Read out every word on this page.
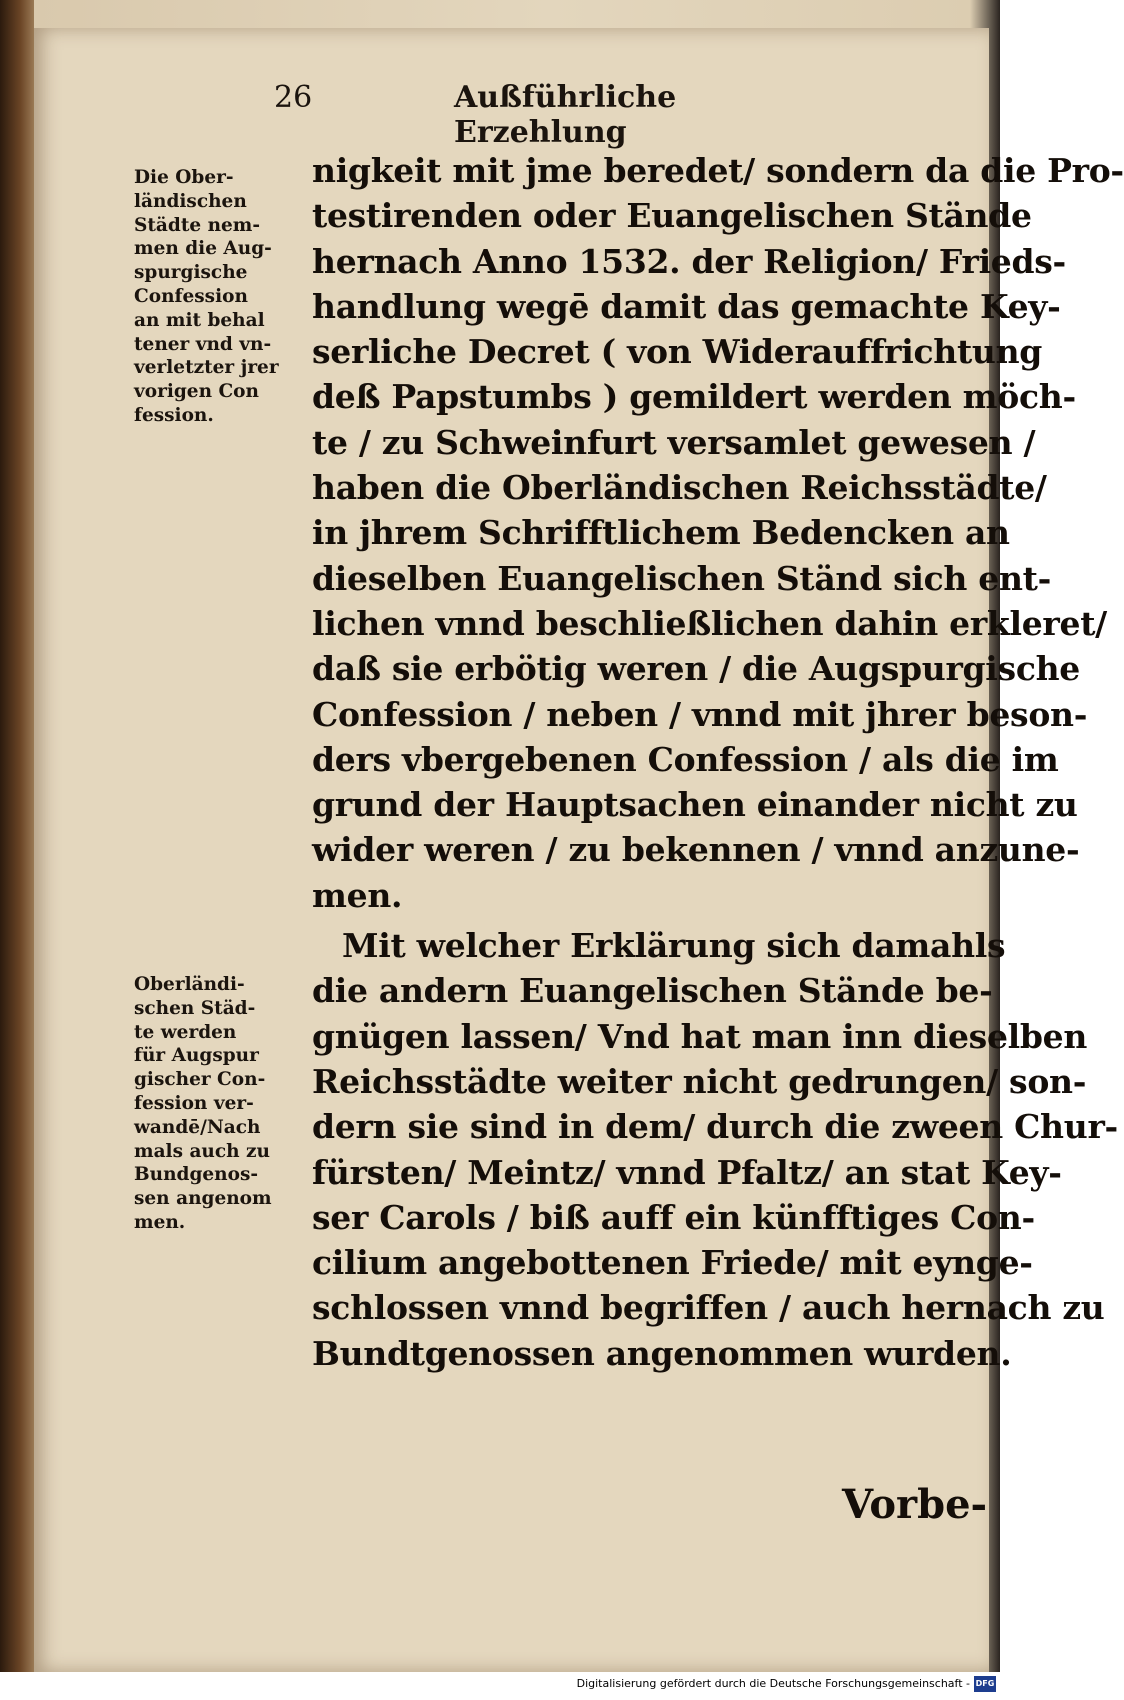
26	Außführliche Erzehlung
Die Ober-
ländischen
Städte nem-
men die Aug-
spurgische
Confession
an mit behal
tener vnd vn-
verletzter jrer
vorigen Con
fession.
Oberländi-
schen Städ-
te werden
für Augspur
gischer Con-
fession ver-
wandē/Nach
mals auch zu
Bundgenos-
sen angenom
men.
nigkeit mit jme beredet/ sondern da die Pro-
testirenden oder Euangelischen Stände
hernach Anno 1532. der Religion/ Frieds-
handlung wegē damit das gemachte Key-
serliche Decret ( von Widerauffrichtung
deß Papstumbs ) gemildert werden möch-
te / zu Schweinfurt versamlet gewesen /
haben die Oberländischen Reichsstädte/
in jhrem Schrifftlichem Bedencken an
dieselben Euangelischen Ständ sich ent-
lichen vnnd beschließlichen dahin erkleret/
daß sie erbötig weren / die Augspurgische
Confession / neben / vnnd mit jhrer beson-
ders vbergebenen Confession / als die im
grund der Hauptsachen einander nicht zu
wider weren / zu bekennen / vnnd anzune-
men.
Mit welcher Erklärung sich damahls
die andern Euangelischen Stände be-
gnügen lassen/ Vnd hat man inn dieselben
Reichsstädte weiter nicht gedrungen/ son-
dern sie sind in dem/ durch die zween Chur-
fürsten/ Meintz/ vnnd Pfaltz/ an stat Key-
ser Carols / biß auff ein künfftiges Con-
cilium angebottenen Friede/ mit eynge-
schlossen vnnd begriffen / auch hernach zu
Bundtgenossen angenommen wurden.
Vorbe-
Digitalisierung gefördert durch die Deutsche Forschungsgemeinschaft - DFG
